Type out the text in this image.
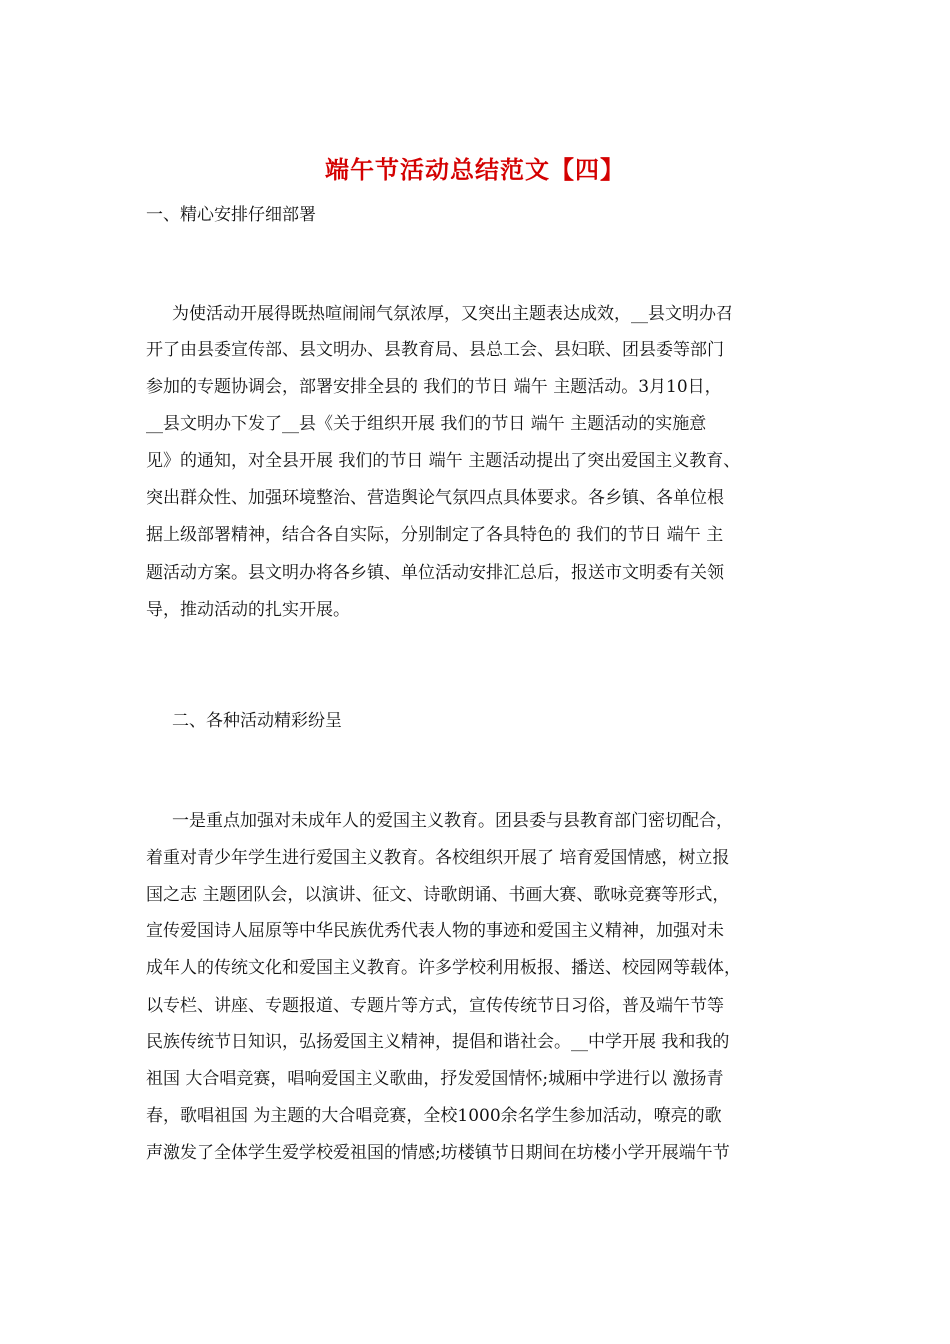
端午节活动总结范文【四】
一、精心安排仔细部署
为使活动开展得既热喧闹闹气氛浓厚，又突出主题表达成效，__县文明办召
开了由县委宣传部、县文明办、县教育局、县总工会、县妇联、团县委等部门
参加的专题协调会，部署安排全县的 我们的节日 端午 主题活动。3月10日，
__县文明办下发了__县《关于组织开展 我们的节日 端午 主题活动的实施意
见》的通知，对全县开展 我们的节日 端午 主题活动提出了突出爱国主义教育、
突出群众性、加强环境整治、营造舆论气氛四点具体要求。各乡镇、各单位根
据上级部署精神，结合各自实际，分别制定了各具特色的 我们的节日 端午 主
题活动方案。县文明办将各乡镇、单位活动安排汇总后，报送市文明委有关领
导，推动活动的扎实开展。
二、各种活动精彩纷呈
一是重点加强对未成年人的爱国主义教育。团县委与县教育部门密切配合，
着重对青少年学生进行爱国主义教育。各校组织开展了 培育爱国情感，树立报
国之志 主题团队会，以演讲、征文、诗歌朗诵、书画大赛、歌咏竞赛等形式，
宣传爱国诗人屈原等中华民族优秀代表人物的事迹和爱国主义精神，加强对未
成年人的传统文化和爱国主义教育。许多学校利用板报、播送、校园网等载体，
以专栏、讲座、专题报道、专题片等方式，宣传传统节日习俗，普及端午节等
民族传统节日知识，弘扬爱国主义精神，提倡和谐社会。__中学开展 我和我的
祖国 大合唱竞赛，唱响爱国主义歌曲，抒发爱国情怀;城厢中学进行以 激扬青
春，歌唱祖国 为主题的大合唱竞赛，全校1000余名学生参加活动，嘹亮的歌
声激发了全体学生爱学校爱祖国的情感;坊楼镇节日期间在坊楼小学开展端午节
